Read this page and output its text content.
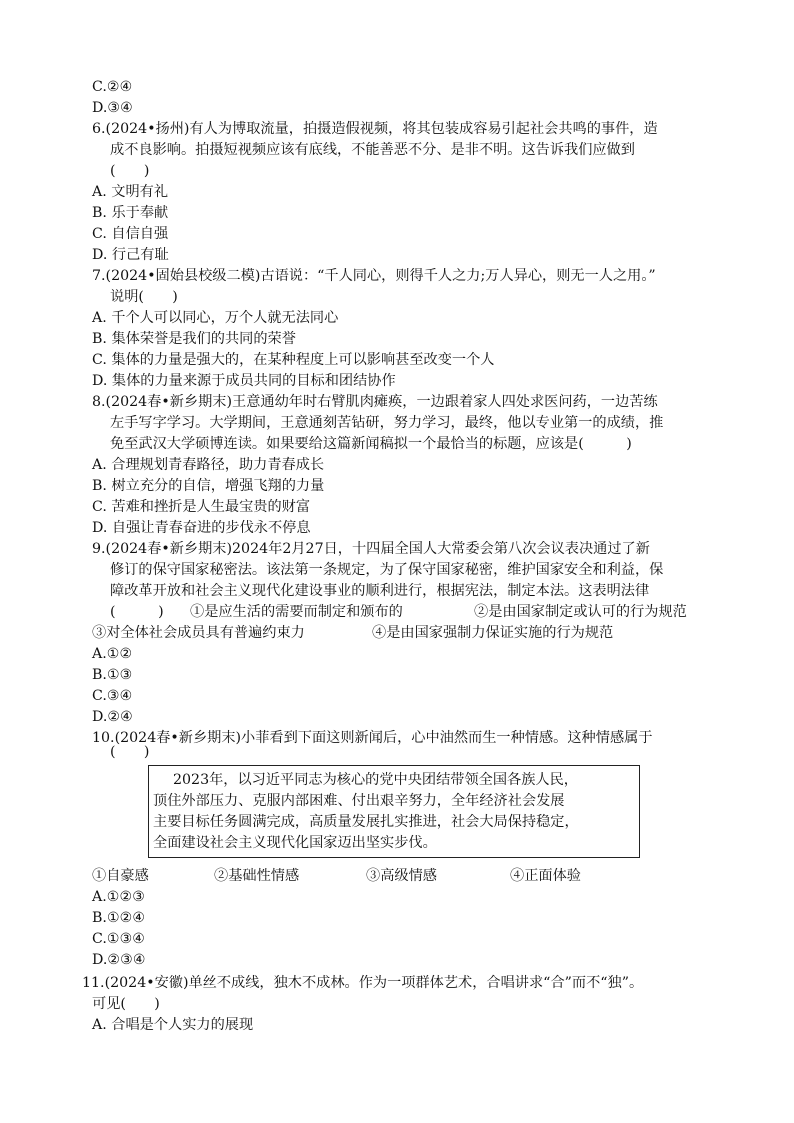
C.②④
D.③④
6.(2024•扬州)有人为博取流量，拍摄造假视频，将其包装成容易引起社会共鸣的事件，造
成不良影响。拍摄短视频应该有底线，不能善恶不分、是非不明。这告诉我们应做到
(　　)
A. 文明有礼
B. 乐于奉献
C. 自信自强
D. 行己有耻
7.(2024•固始县校级二模)古语说：“千人同心，则得千人之力;万人异心，则无一人之用。”
说明(　　)
A. 千个人可以同心，万个人就无法同心
B. 集体荣誉是我们的共同的荣誉
C. 集体的力量是强大的，在某种程度上可以影响甚至改变一个人
D. 集体的力量来源于成员共同的目标和团结协作
8.(2024春•新乡期末)王意通幼年时右臂肌肉瘫痪，一边跟着家人四处求医问药，一边苦练
左手写字学习。大学期间，王意通刻苦钻研，努力学习，最终，他以专业第一的成绩，推
免至武汉大学硕博连读。如果要给这篇新闻稿拟一个最恰当的标题，应该是(　　　)
A. 合理规划青春路径，助力青春成长
B. 树立充分的自信，增强飞翔的力量
C. 苦难和挫折是人生最宝贵的财富
D. 自强让青春奋进的步伐永不停息
9.(2024春•新乡期末)2024年2月27日，十四届全国人大常委会第八次会议表决通过了新
修订的保守国家秘密法。该法第一条规定，为了保守国家秘密，维护国家安全和利益，保
障改革开放和社会主义现代化建设事业的顺利进行，根据宪法，制定本法。这表明法律
(　　　) ①是应生活的需要而制定和颁布的	②是由国家制定或认可的行为规范
③对全体社会成员具有普遍约束力	④是由国家强制力保证实施的行为规范
A.①②
B.①③
C.③④
D.②④
10.(2024春•新乡期末)小菲看到下面这则新闻后，心中油然而生一种情感。这种情感属于
(　　)
2023年，以习近平同志为核心的党中央团结带领全国各族人民，
顶住外部压力、克服内部困难、付出艰辛努力，全年经济社会发展
主要目标任务圆满完成，高质量发展扎实推进，社会大局保持稳定，
全面建设社会主义现代化国家迈出坚实步伐。
①自豪感	②基础性情感	③高级情感	④正面体验
A.①②③
B.①②④
C.①③④
D.②③④
11.(2024•安徽)单丝不成线，独木不成林。作为一项群体艺术，合唱讲求“合”而不“独”。
可见(　　)
A. 合唱是个人实力的展现
